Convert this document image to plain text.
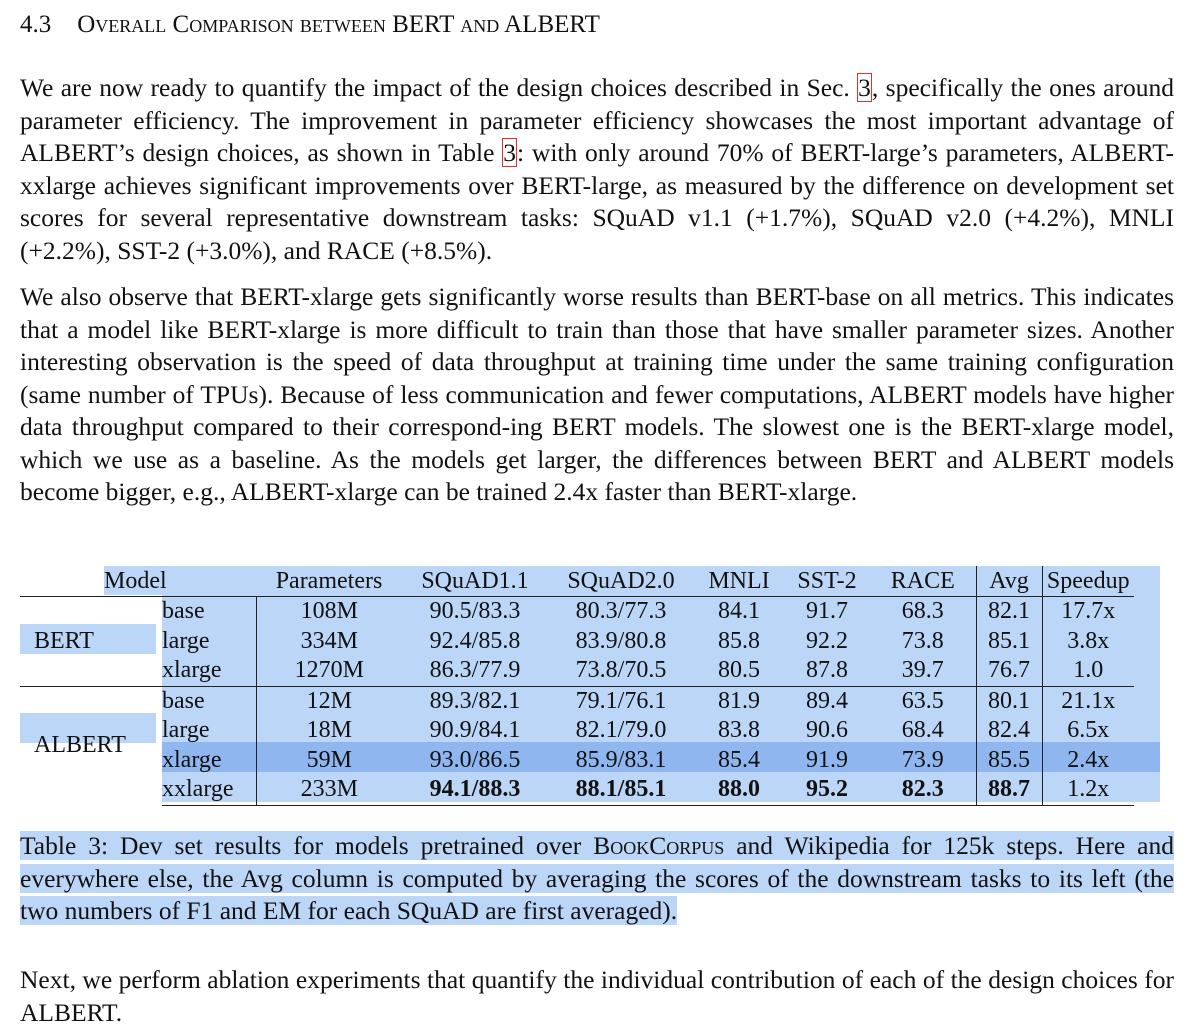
4.3 Overall Comparison between BERT and ALBERT

We are now ready to quantify the impact of the design choices described in Sec. 3, specifically the ones around parameter efficiency. The improvement in parameter efficiency showcases the most important advantage of ALBERT’s design choices, as shown in Table 3: with only around 70% of BERT-large’s parameters, ALBERT-xxlarge achieves significant improvements over BERT-large, as measured by the difference on development set scores for several representative downstream tasks: SQuAD v1.1 (+1.7%), SQuAD v2.0 (+4.2%), MNLI (+2.2%), SST-2 (+3.0%), and RACE (+8.5%).

We also observe that BERT-xlarge gets significantly worse results than BERT-base on all metrics. This indicates that a model like BERT-xlarge is more difficult to train than those that have smaller parameter sizes. Another interesting observation is the speed of data throughput at training time under the same training configuration (same number of TPUs). Because of less communication and fewer computations, ALBERT models have higher data throughput compared to their correspond-ing BERT models. The slowest one is the BERT-xlarge model, which we use as a baseline. As the models get larger, the differences between BERT and ALBERT models become bigger, e.g., ALBERT-xlarge can be trained 2.4x faster than BERT-xlarge.

Model		Parameters	SQuAD1.1	SQuAD2.0	MNLI	SST-2	RACE	Avg	Speedup
BERT	base	108M	90.5/83.3	80.3/77.3	84.1	91.7	68.3	82.1	17.7x
	large	334M	92.4/85.8	83.9/80.8	85.8	92.2	73.8	85.1	3.8x
	xlarge	1270M	86.3/77.9	73.8/70.5	80.5	87.8	39.7	76.7	1.0
ALBERT	base	12M	89.3/82.1	79.1/76.1	81.9	89.4	63.5	80.1	21.1x
	large	18M	90.9/84.1	82.1/79.0	83.8	90.6	68.4	82.4	6.5x
	xlarge	59M	93.0/86.5	85.9/83.1	85.4	91.9	73.9	85.5	2.4x
	xxlarge	233M	94.1/88.3	88.1/85.1	88.0	95.2	82.3	88.7	1.2x

Table 3: Dev set results for models pretrained over BookCorpus and Wikipedia for 125k steps. Here and everywhere else, the Avg column is computed by averaging the scores of the downstream tasks to its left (the two numbers of F1 and EM for each SQuAD are first averaged).

Next, we perform ablation experiments that quantify the individual contribution of each of the design choices for ALBERT.
